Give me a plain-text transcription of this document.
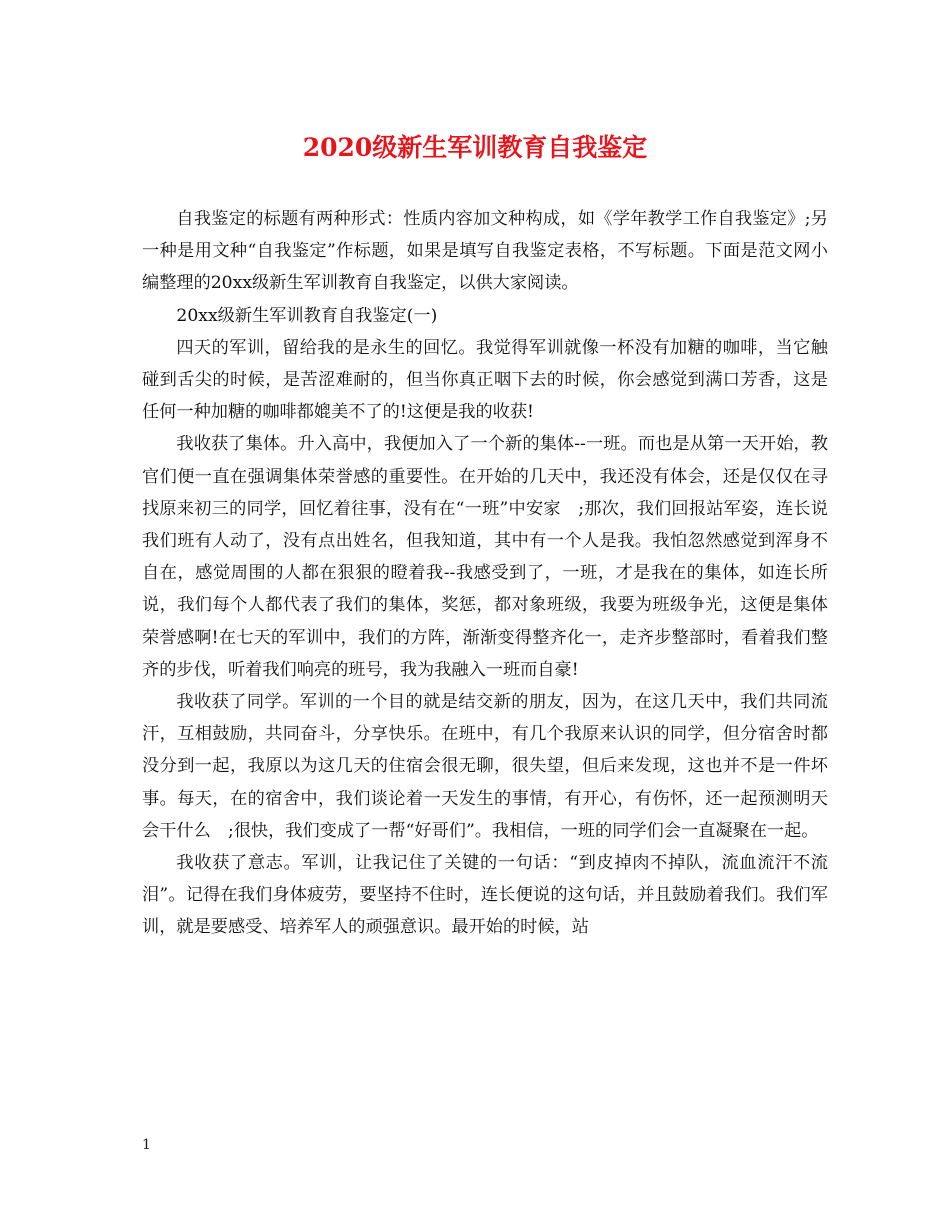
2020级新生军训教育自我鉴定

自我鉴定的标题有两种形式：性质内容加文种构成，如《学年教学工作自我鉴定》;另一种是用文种“自我鉴定”作标题，如果是填写自我鉴定表格，不写标题。下面是范文网小编整理的20xx级新生军训教育自我鉴定，以供大家阅读。

20xx级新生军训教育自我鉴定(一)

四天的军训，留给我的是永生的回忆。我觉得军训就像一杯没有加糖的咖啡，当它触碰到舌尖的时候，是苦涩难耐的，但当你真正咽下去的时候，你会感觉到满口芳香，这是任何一种加糖的咖啡都媲美不了的!这便是我的收获!

我收获了集体。升入高中，我便加入了一个新的集体--一班。而也是从第一天开始，教官们便一直在强调集体荣誉感的重要性。在开始的几天中，我还没有体会，还是仅仅在寻找原来初三的同学，回忆着往事，没有在“一班”中安家　;那次，我们回报站军姿，连长说我们班有人动了，没有点出姓名，但我知道，其中有一个人是我。我怕忽然感觉到浑身不自在，感觉周围的人都在狠狠的瞪着我--我感受到了，一班，才是我在的集体，如连长所说，我们每个人都代表了我们的集体，奖惩，都对象班级，我要为班级争光，这便是集体荣誉感啊!在七天的军训中，我们的方阵，渐渐变得整齐化一，走齐步整部时，看着我们整齐的步伐，听着我们响亮的班号，我为我融入一班而自豪!

我收获了同学。军训的一个目的就是结交新的朋友，因为，在这几天中，我们共同流汗，互相鼓励，共同奋斗，分享快乐。在班中，有几个我原来认识的同学，但分宿舍时都没分到一起，我原以为这几天的住宿会很无聊，很失望，但后来发现，这也并不是一件坏事。每天，在的宿舍中，我们谈论着一天发生的事情，有开心，有伤怀，还一起预测明天会干什么　;很快，我们变成了一帮“好哥们”。我相信，一班的同学们会一直凝聚在一起。

我收获了意志。军训，让我记住了关键的一句话：“到皮掉肉不掉队，流血流汗不流泪”。记得在我们身体疲劳，要坚持不住时，连长便说的这句话，并且鼓励着我们。我们军训，就是要感受、培养军人的顽强意识。最开始的时候，站

1
